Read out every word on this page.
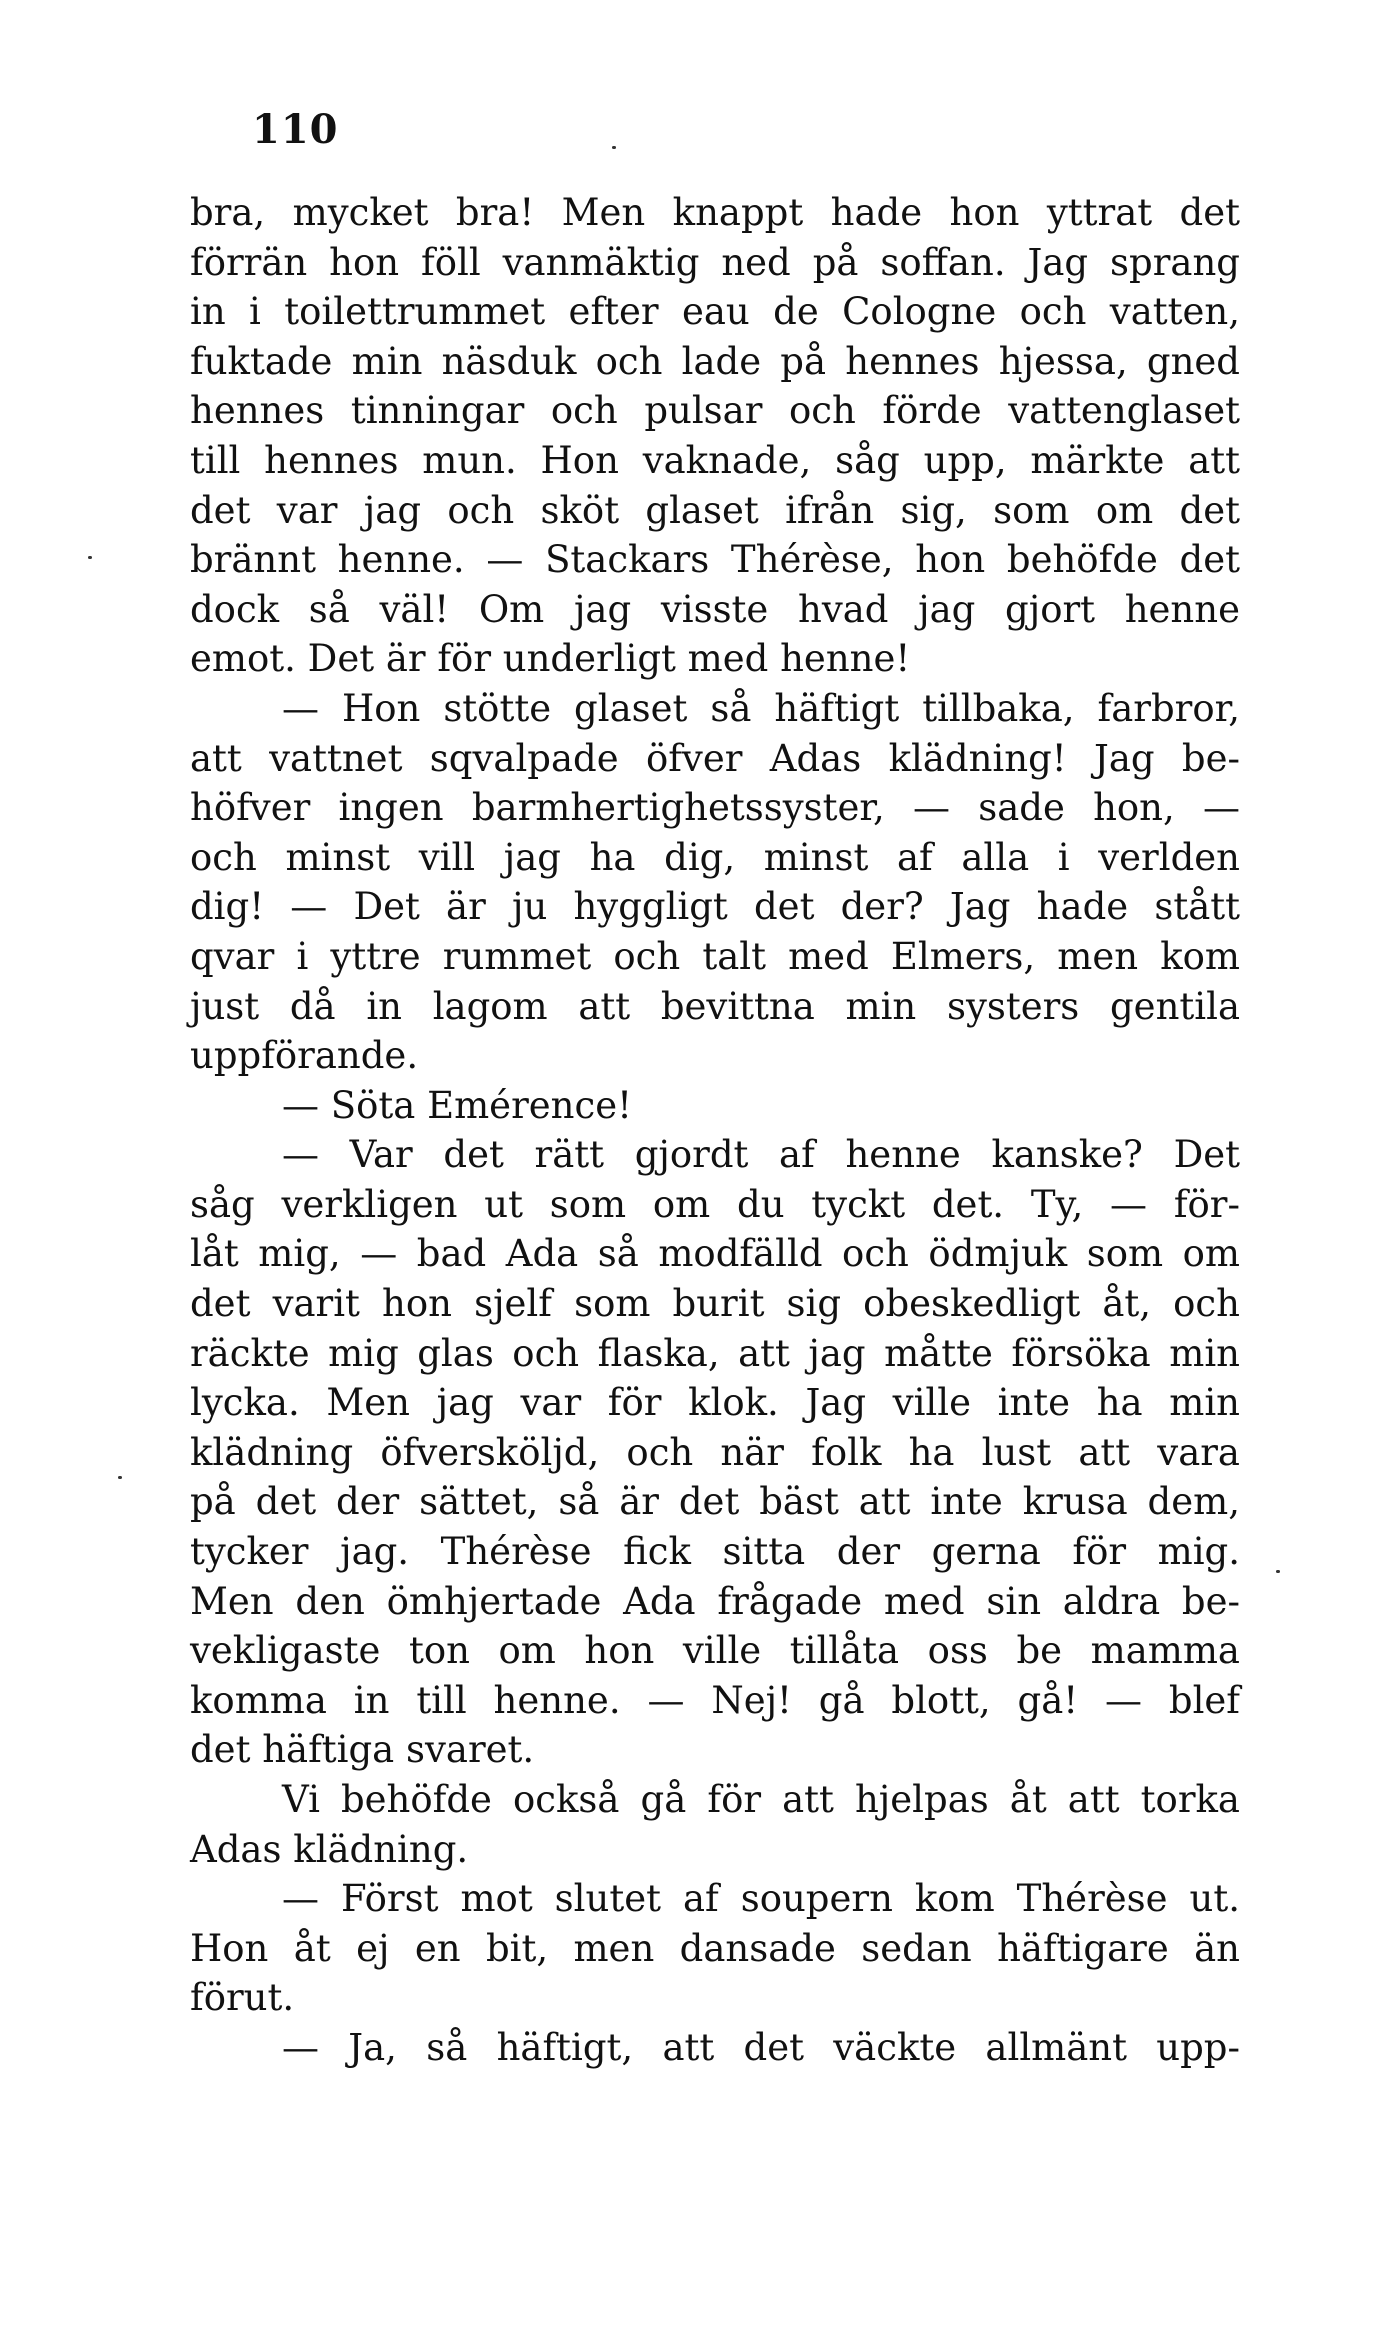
110
bra, mycket bra! Men knappt hade hon yttrat det
förrän hon föll vanmäktig ned på soffan. Jag sprang
in i toilettrummet efter eau de Cologne och vatten,
fuktade min näsduk och lade på hennes hjessa, gned
hennes tinningar och pulsar och förde vattenglaset
till hennes mun. Hon vaknade, såg upp, märkte att
det var jag och sköt glaset ifrån sig, som om det
brännt henne. — Stackars Thérèse, hon behöfde det
dock så väl! Om jag visste hvad jag gjort henne
emot. Det är för underligt med henne!
— Hon stötte glaset så häftigt tillbaka, farbror,
att vattnet sqvalpade öfver Adas klädning! Jag be-
höfver ingen barmhertighetssyster, — sade hon, —
och minst vill jag ha dig, minst af alla i verlden
dig! — Det är ju hyggligt det der? Jag hade stått
qvar i yttre rummet och talt med Elmers, men kom
just då in lagom att bevittna min systers gentila
uppförande.
— Söta Emérence!
— Var det rätt gjordt af henne kanske? Det
såg verkligen ut som om du tyckt det. Ty, — för-
låt mig, — bad Ada så modfälld och ödmjuk som om
det varit hon sjelf som burit sig obeskedligt åt, och
räckte mig glas och flaska, att jag måtte försöka min
lycka. Men jag var för klok. Jag ville inte ha min
klädning öfversköljd, och när folk ha lust att vara
på det der sättet, så är det bäst att inte krusa dem,
tycker jag. Thérèse fick sitta der gerna för mig.
Men den ömhjertade Ada frågade med sin aldra be-
vekligaste ton om hon ville tillåta oss be mamma
komma in till henne. — Nej! gå blott, gå! — blef
det häftiga svaret.
Vi behöfde också gå för att hjelpas åt att torka
Adas klädning.
— Först mot slutet af soupern kom Thérèse ut.
Hon åt ej en bit, men dansade sedan häftigare än
förut.
— Ja, så häftigt, att det väckte allmänt upp-
